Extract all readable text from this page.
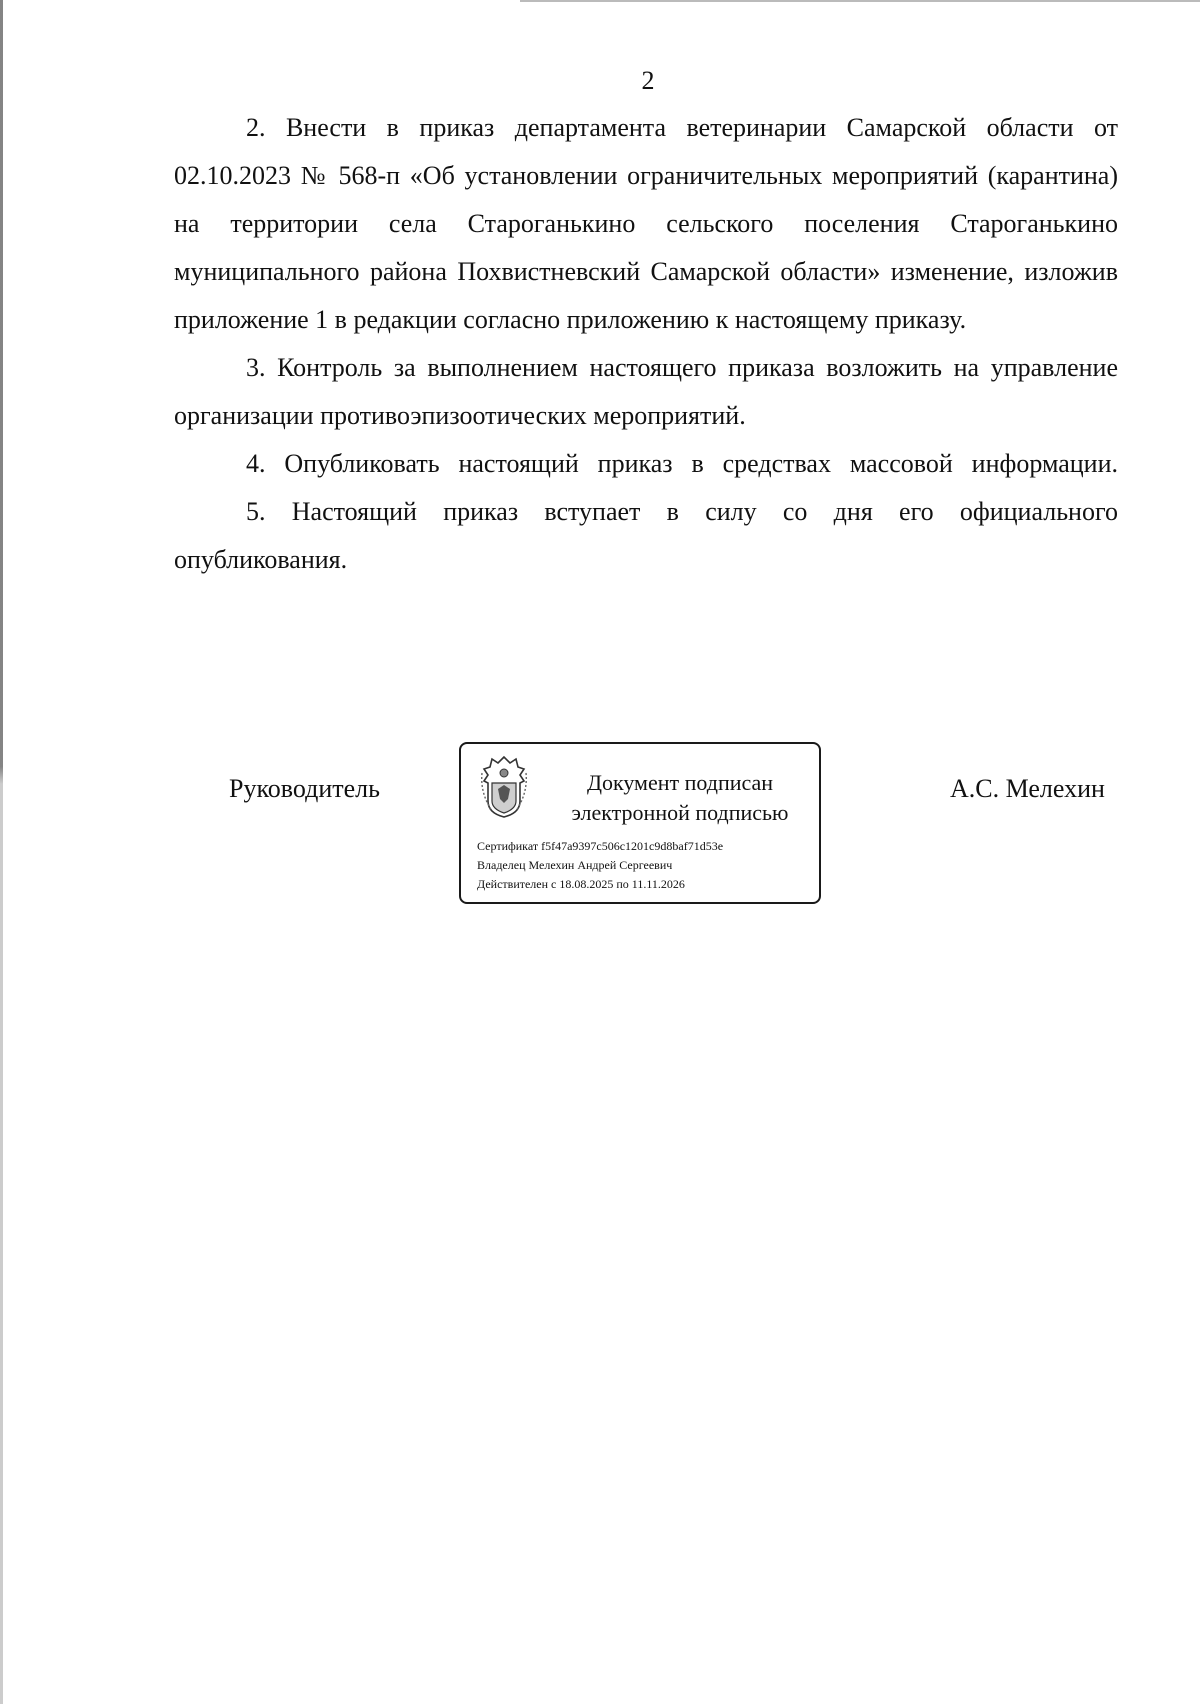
2

2. Внести в приказ департамента ветеринарии Самарской области от 02.10.2023 № 568-п «Об установлении ограничительных мероприятий (карантина) на территории села Староганькино сельского поселения Староганькино муниципального района Похвистневский Самарской области» изменение, изложив приложение 1 в редакции согласно приложению к настоящему приказу.

3. Контроль за выполнением настоящего приказа возложить на управление организации противоэпизоотических мероприятий.

4. Опубликовать настоящий приказ в средствах массовой информации.

5. Настоящий приказ вступает в силу со дня его официального опубликования.

Руководитель	Документ подписан
электронной подписью
Сертификат f5f47a9397c506c1201c9d8baf71d53e
Владелец Мелехин Андрей Сергеевич
Действителен с 18.08.2025 по 11.11.2026
А.С. Мелехин
